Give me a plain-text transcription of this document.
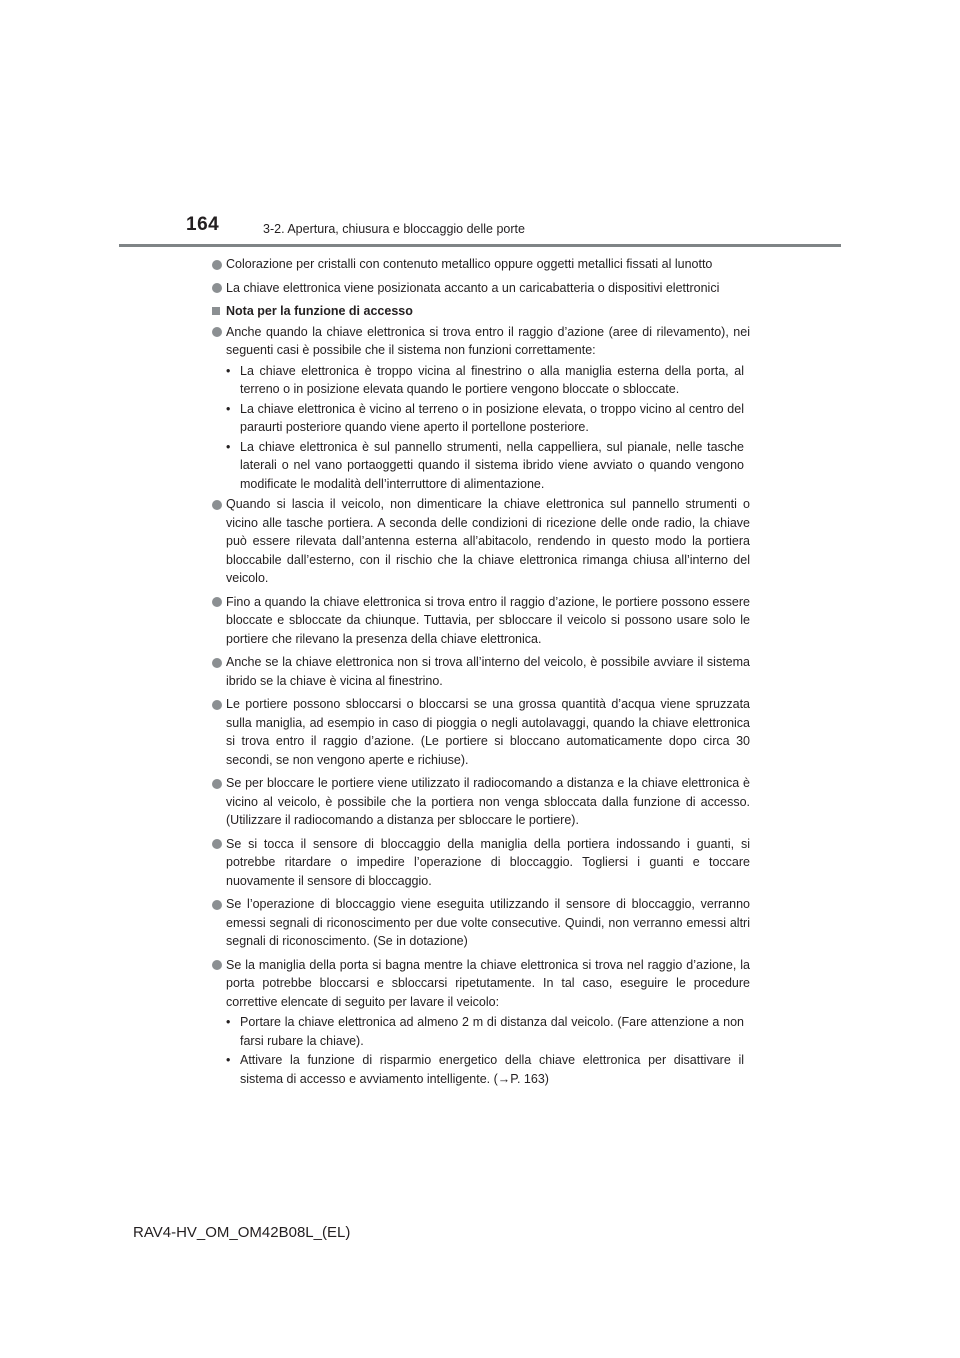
164	3-2. Apertura, chiusura e bloccaggio delle porte
Colorazione per cristalli con contenuto metallico oppure oggetti metallici fissati al lunotto
La chiave elettronica viene posizionata accanto a un caricabatteria o dispositivi elettronici
Nota per la funzione di accesso
Anche quando la chiave elettronica si trova entro il raggio d’azione (aree di rilevamento), nei seguenti casi è possibile che il sistema non funzioni correttamente:
• La chiave elettronica è troppo vicina al finestrino o alla maniglia esterna della porta, al terreno o in posizione elevata quando le portiere vengono bloccate o sbloccate.
• La chiave elettronica è vicino al terreno o in posizione elevata, o troppo vicino al centro del paraurti posteriore quando viene aperto il portellone posteriore.
• La chiave elettronica è sul pannello strumenti, nella cappelliera, sul pianale, nelle tasche laterali o nel vano portaoggetti quando il sistema ibrido viene avviato o quando vengono modificate le modalità dell’interruttore di alimentazione.
Quando si lascia il veicolo, non dimenticare la chiave elettronica sul pannello strumenti o vicino alle tasche portiera. A seconda delle condizioni di ricezione delle onde radio, la chiave può essere rilevata dall’antenna esterna all’abitacolo, rendendo in questo modo la portiera bloccabile dall’esterno, con il rischio che la chiave elettronica rimanga chiusa all’interno del veicolo.
Fino a quando la chiave elettronica si trova entro il raggio d’azione, le portiere possono essere bloccate e sbloccate da chiunque. Tuttavia, per sbloccare il veicolo si possono usare solo le portiere che rilevano la presenza della chiave elettronica.
Anche se la chiave elettronica non si trova all’interno del veicolo, è possibile avviare il sistema ibrido se la chiave è vicina al finestrino.
Le portiere possono sbloccarsi o bloccarsi se una grossa quantità d’acqua viene spruzzata sulla maniglia, ad esempio in caso di pioggia o negli autolavaggi, quando la chiave elettronica si trova entro il raggio d’azione. (Le portiere si bloccano automaticamente dopo circa 30 secondi, se non vengono aperte e richiuse).
Se per bloccare le portiere viene utilizzato il radiocomando a distanza e la chiave elettronica è vicino al veicolo, è possibile che la portiera non venga sbloccata dalla funzione di accesso. (Utilizzare il radiocomando a distanza per sbloccare le portiere).
Se si tocca il sensore di bloccaggio della maniglia della portiera indossando i guanti, si potrebbe ritardare o impedire l’operazione di bloccaggio. Togliersi i guanti e toccare nuovamente il sensore di bloccaggio.
Se l’operazione di bloccaggio viene eseguita utilizzando il sensore di bloccaggio, verranno emessi segnali di riconoscimento per due volte consecutive. Quindi, non verranno emessi altri segnali di riconoscimento. (Se in dotazione)
Se la maniglia della porta si bagna mentre la chiave elettronica si trova nel raggio d’azione, la porta potrebbe bloccarsi e sbloccarsi ripetutamente. In tal caso, eseguire le procedure correttive elencate di seguito per lavare il veicolo:
• Portare la chiave elettronica ad almeno 2 m di distanza dal veicolo. (Fare attenzione a non farsi rubare la chiave).
• Attivare la funzione di risparmio energetico della chiave elettronica per disattivare il sistema di accesso e avviamento intelligente. (→P. 163)
RAV4-HV_OM_OM42B08L_(EL)
